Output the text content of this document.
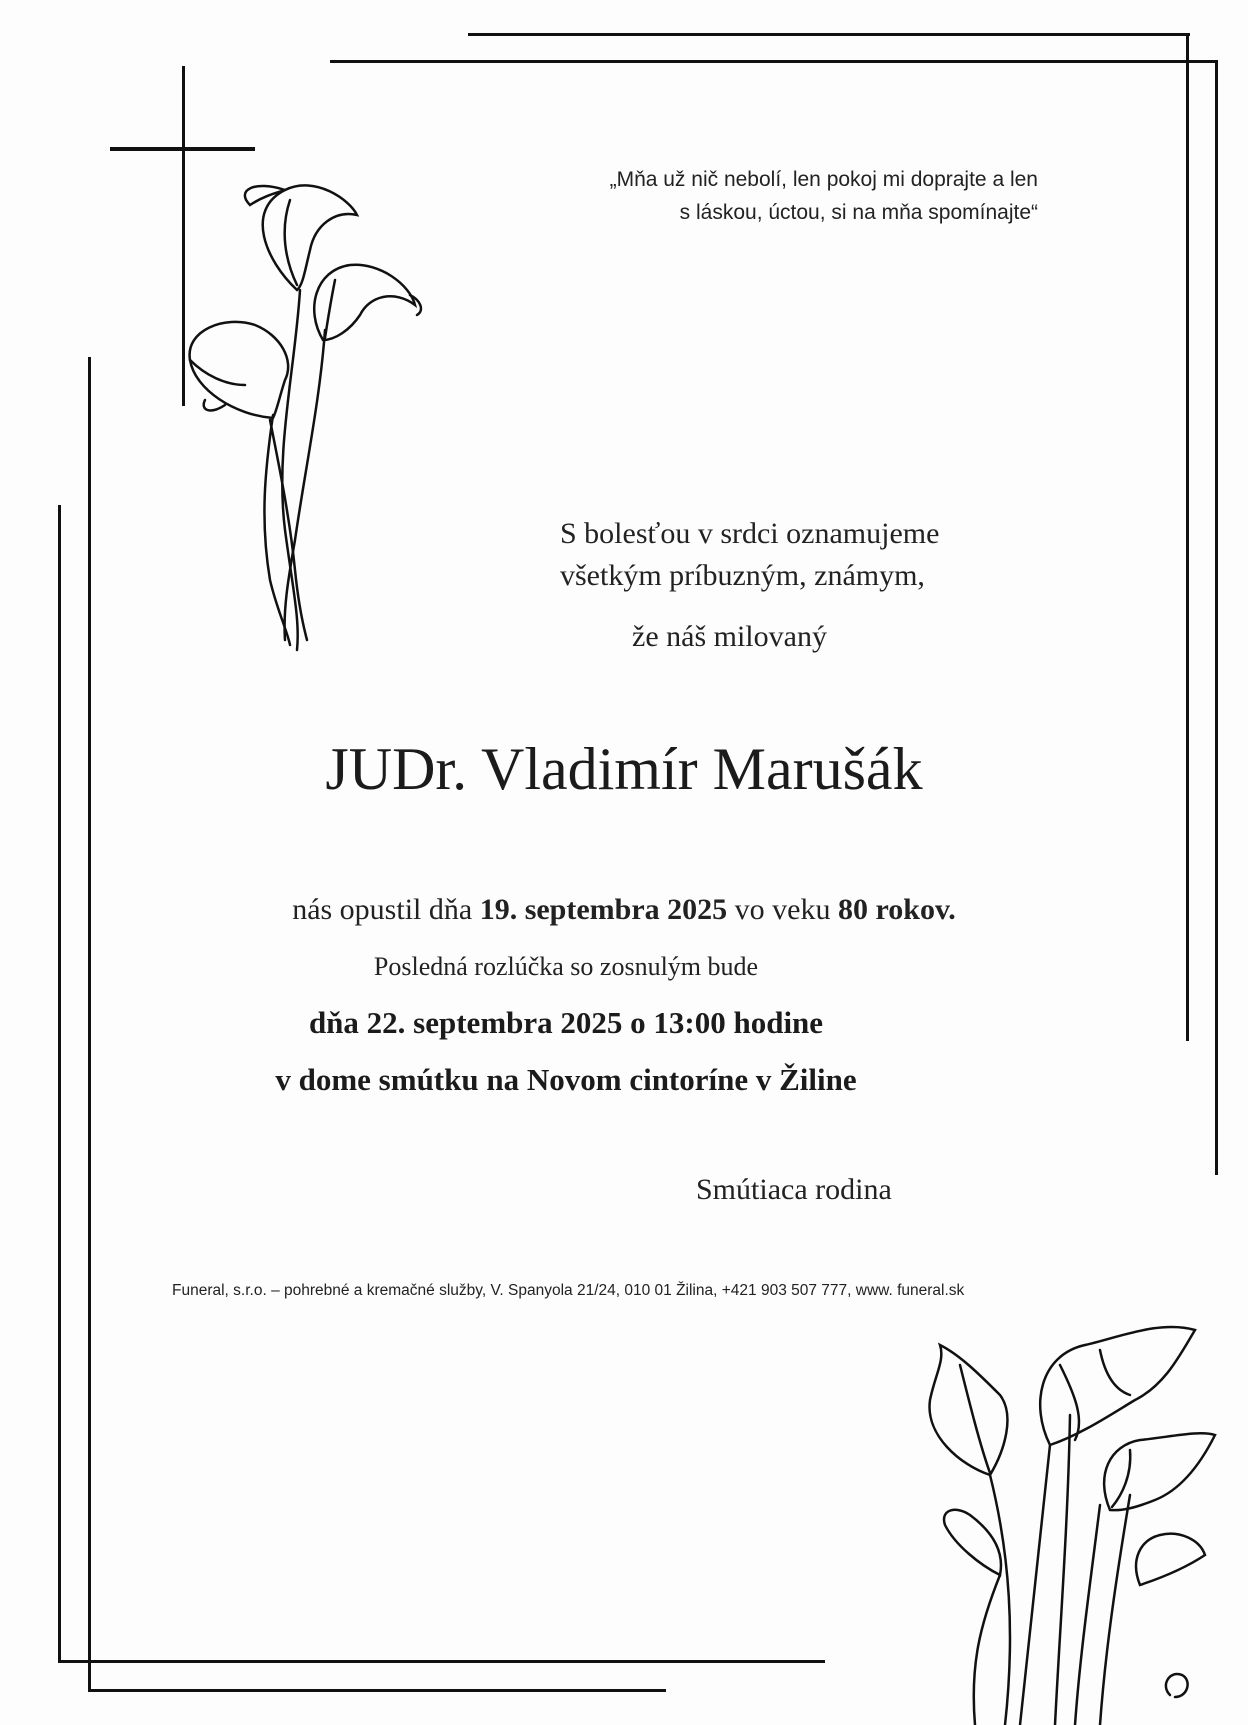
„Mňa už nič nebolí, len pokoj mi doprajte a len
s láskou, úctou, si na mňa spomínajte“
S bolesťou v srdci oznamujeme
všetkým príbuzným, známym,
že náš milovaný
JUDr. Vladimír Marušák
nás opustil dňa 19. septembra 2025 vo veku 80 rokov.
Posledná rozlúčka so zosnulým bude
dňa 22. septembra 2025 o 13:00 hodine
v dome smútku na Novom cintoríne v Žiline
Smútiaca rodina
Funeral, s.r.o. – pohrebné a kremačné služby, V. Spanyola 21/24, 010 01 Žilina, +421 903 507 777, www. funeral.sk
